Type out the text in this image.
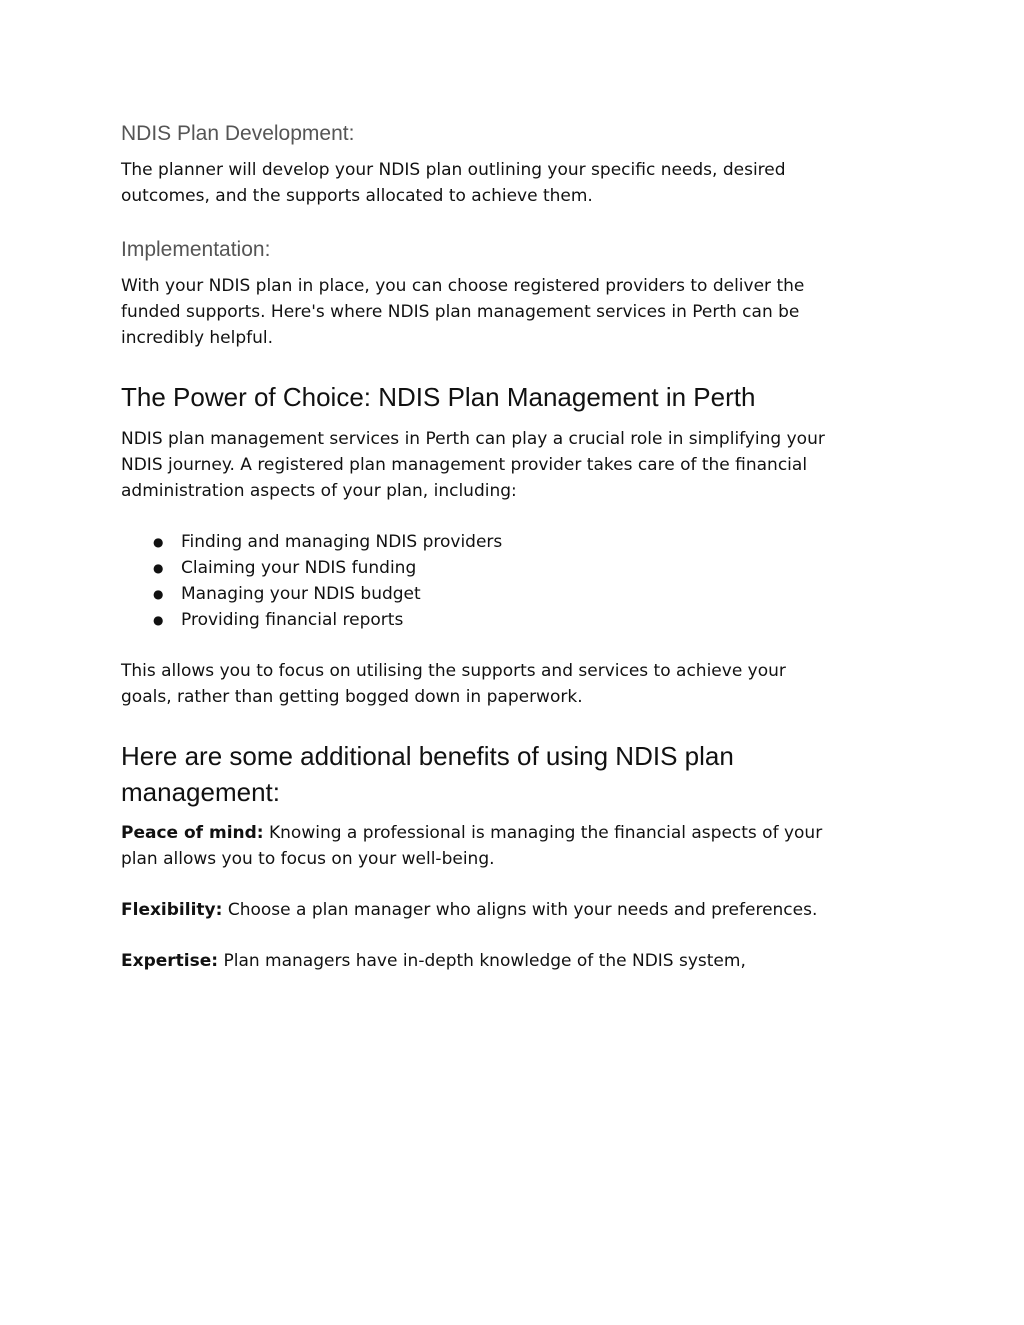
NDIS Plan Development:
The planner will develop your NDIS plan outlining your specific needs, desired
outcomes, and the supports allocated to achieve them.
Implementation:
With your NDIS plan in place, you can choose registered providers to deliver the
funded supports. Here's where NDIS plan management services in Perth can be
incredibly helpful.
The Power of Choice: NDIS Plan Management in Perth
NDIS plan management services in Perth can play a crucial role in simplifying your
NDIS journey. A registered plan management provider takes care of the financial
administration aspects of your plan, including:
● Finding and managing NDIS providers
● Claiming your NDIS funding
● Managing your NDIS budget
● Providing financial reports
This allows you to focus on utilising the supports and services to achieve your
goals, rather than getting bogged down in paperwork.
Here are some additional benefits of using NDIS plan
management:
Peace of mind: Knowing a professional is managing the financial aspects of your
plan allows you to focus on your well-being.
Flexibility: Choose a plan manager who aligns with your needs and preferences.
Expertise: Plan managers have in-depth knowledge of the NDIS system,
